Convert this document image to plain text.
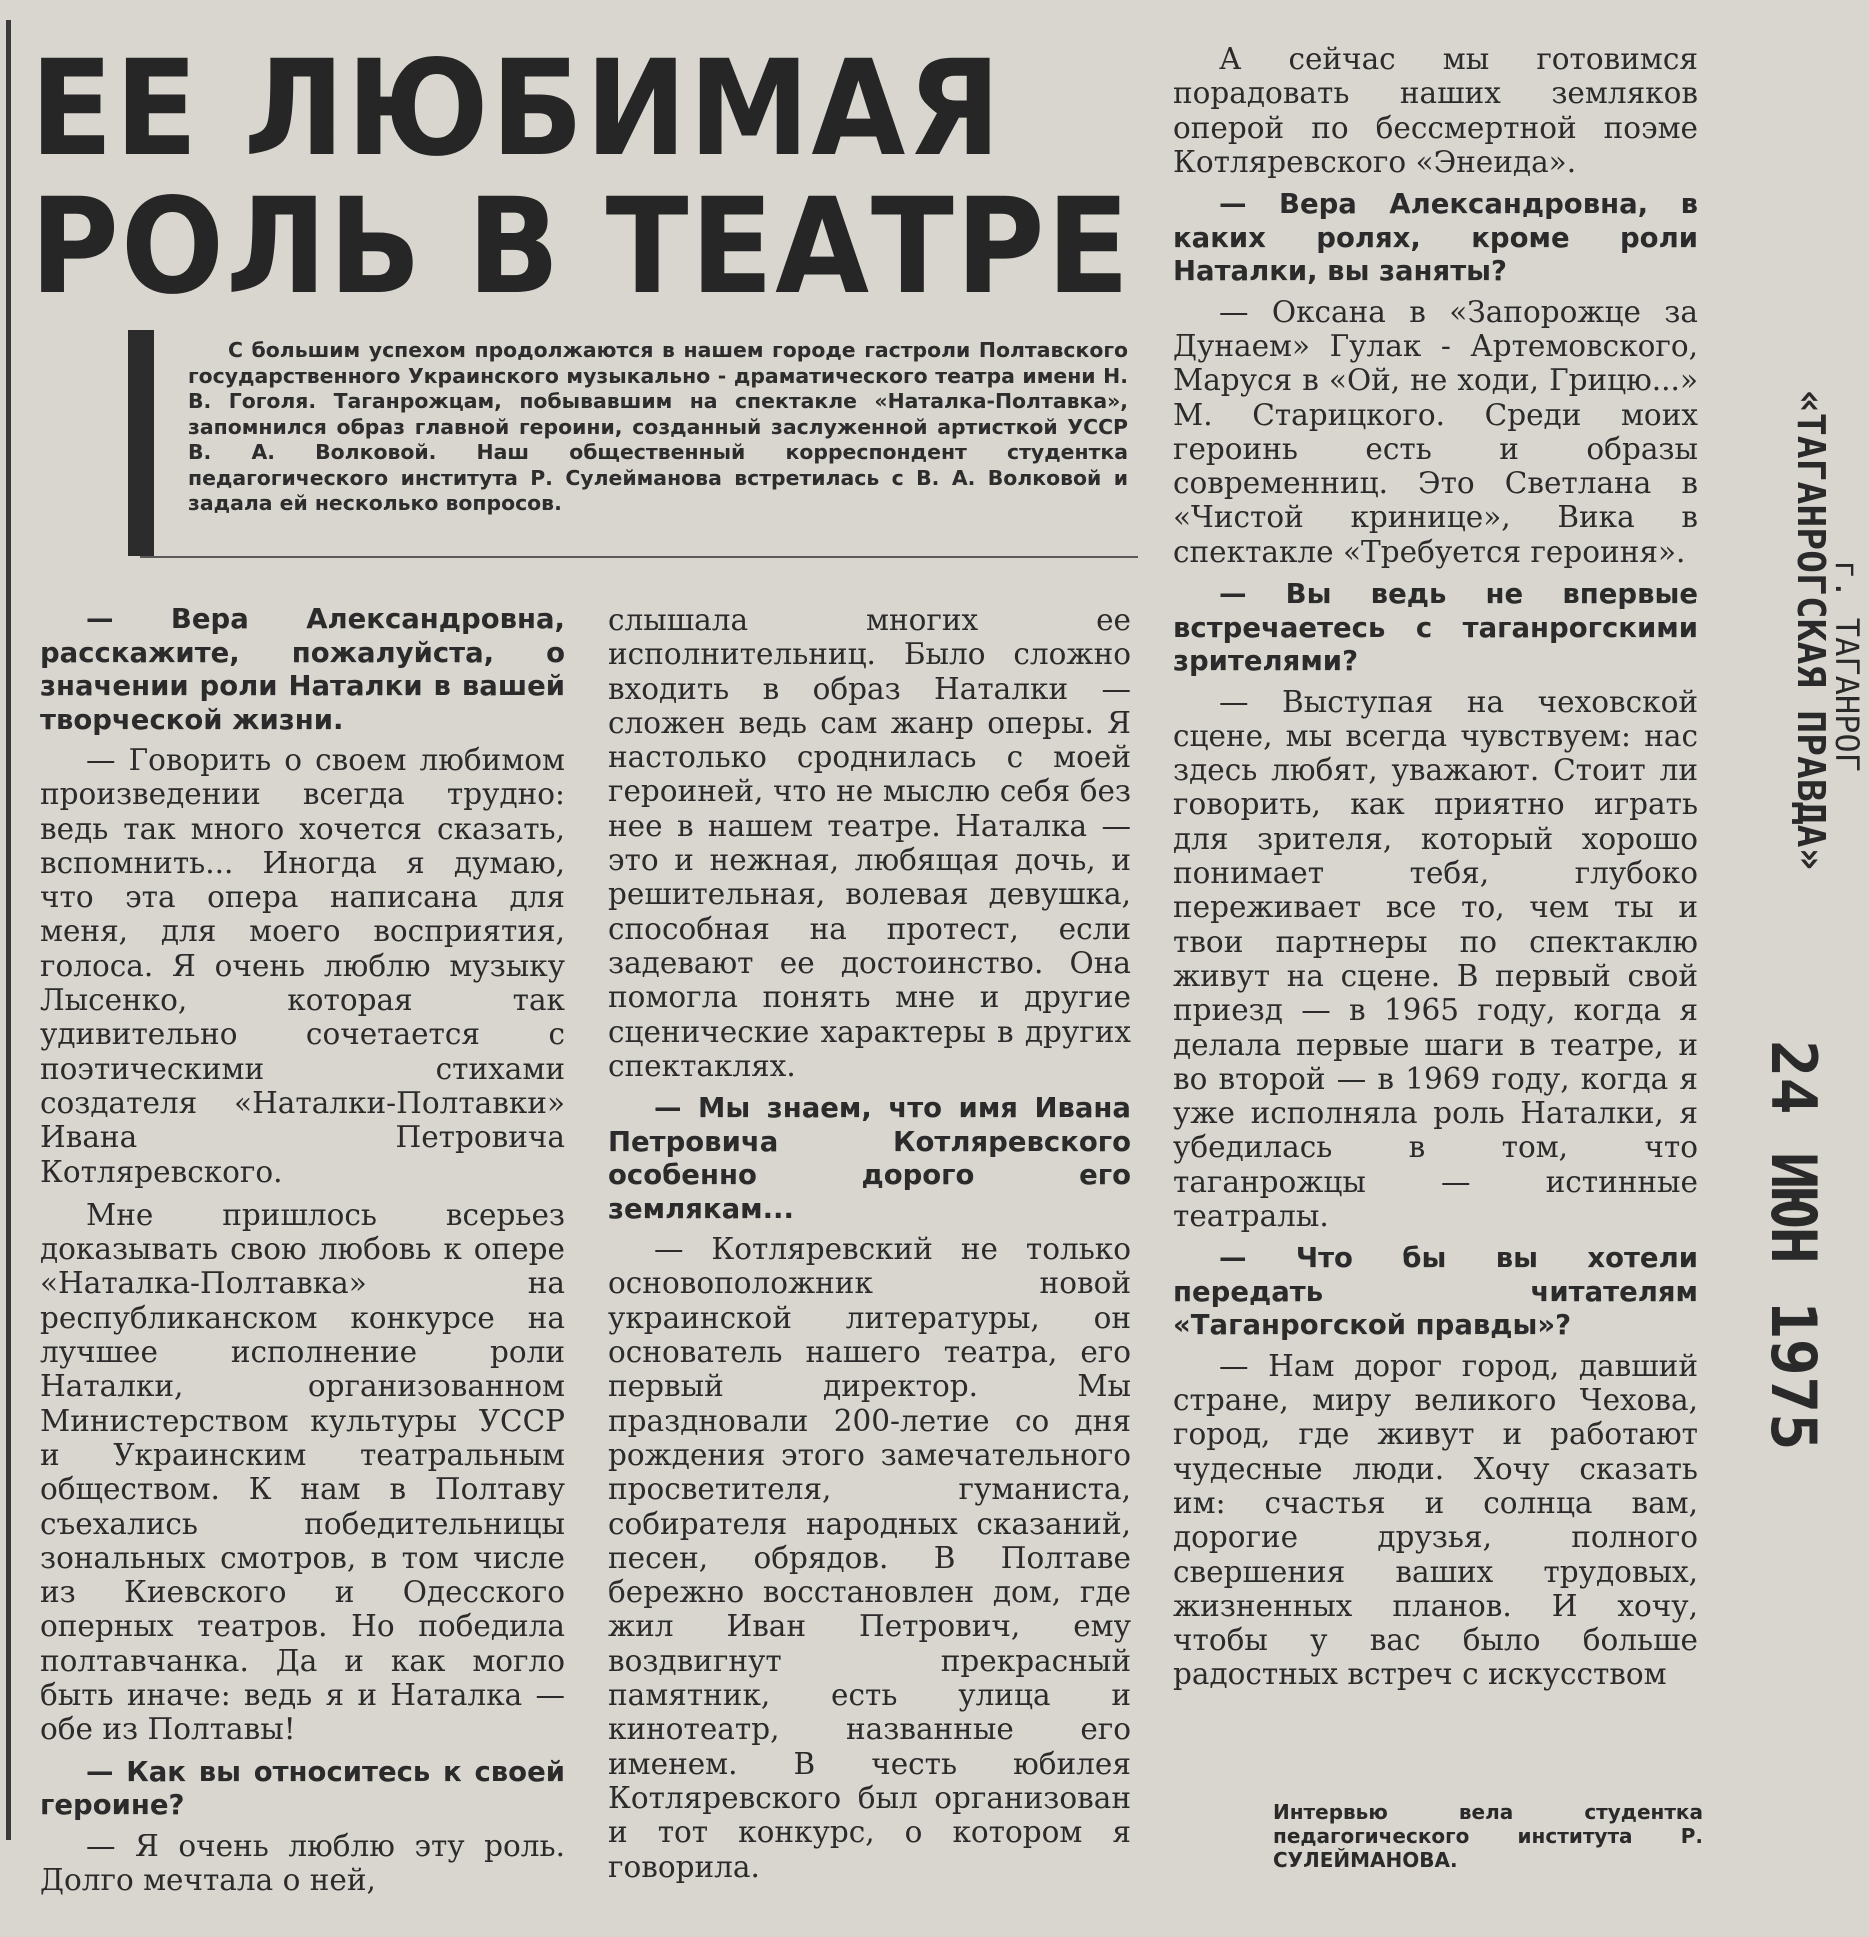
ЕЕ ЛЮБИМАЯ
РОЛЬ В ТЕАТРЕ

С большим успехом продолжаются в нашем городе гастроли Полтавского государственного Украинского музыкально - драматического театра имени Н. В. Гоголя. Таганрожцам, побывавшим на спектакле «Наталка-Полтавка», запомнился образ главной героини, созданный заслуженной артисткой УССР В. А. Волковой. Наш общественный корреспондент студентка педагогического института Р. Сулейманова встретилась с В. А. Волковой и задала ей несколько вопросов.

— Вера Александровна, расскажите, пожалуйста, о значении роли Наталки в вашей творческой жизни.

— Говорить о своем любимом произведении всегда трудно: ведь так много хочется сказать, вспомнить... Иногда я думаю, что эта опера написана для меня, для моего восприятия, голоса. Я очень люблю музыку Лысенко, которая так удивительно сочетается с поэтическими стихами создателя «Наталки-Полтавки» Ивана Петровича Котляревского.

Мне пришлось всерьез доказывать свою любовь к опере «Наталка-Полтавка» на республиканском конкурсе на лучшее исполнение роли Наталки, организованном Министерством культуры УССР и Украинским театральным обществом. К нам в Полтаву съехались победительницы зональных смотров, в том числе из Киевского и Одесского оперных театров. Но победила полтавчанка. Да и как могло быть иначе: ведь я и Наталка — обе из Полтавы!

— Как вы относитесь к своей героине?

— Я очень люблю эту роль. Долго мечтала о ней,

слышала многих ее исполнительниц. Было сложно входить в образ Наталки — сложен ведь сам жанр оперы. Я настолько сроднилась с моей героиней, что не мыслю себя без нее в нашем театре. Наталка — это и нежная, любящая дочь, и решительная, волевая девушка, способная на протест, если задевают ее достоинство. Она помогла понять мне и другие сценические характеры в других спектаклях.

— Мы знаем, что имя Ивана Петровича Котляревского особенно дорого его землякам...

— Котляревский не только основоположник новой украинской литературы, он основатель нашего театра, его первый директор. Мы праздновали 200-летие со дня рождения этого замечательного просветителя, гуманиста, собирателя народных сказаний, песен, обрядов. В Полтаве бережно восстановлен дом, где жил Иван Петрович, ему воздвигнут прекрасный памятник, есть улица и кинотеатр, названные его именем. В честь юбилея Котляревского был организован и тот конкурс, о котором я говорила.

А сейчас мы готовимся порадовать наших земляков оперой по бессмертной поэме Котляревского «Энеида».

— Вера Александровна, в каких ролях, кроме роли Наталки, вы заняты?

— Оксана в «Запорожце за Дунаем» Гулак - Артемовского, Маруся в «Ой, не ходи, Грицю...» М. Старицкого. Среди моих героинь есть и образы современниц. Это Светлана в «Чистой кринице», Вика в спектакле «Требуется героиня».

— Вы ведь не впервые встречаетесь с таганрогскими зрителями?

— Выступая на чеховской сцене, мы всегда чувствуем: нас здесь любят, уважают. Стоит ли говорить, как приятно играть для зрителя, который хорошо понимает тебя, глубоко переживает все то, чем ты и твои партнеры по спектаклю живут на сцене. В первый свой приезд — в 1965 году, когда я делала первые шаги в театре, и во второй — в 1969 году, когда я уже исполняла роль Наталки, я убедилась в том, что таганрожцы — истинные театралы.

— Что бы вы хотели передать читателям «Таганрогской правды»?

— Нам дорог город, давший стране, миру великого Чехова, город, где живут и работают чудесные люди. Хочу сказать им: счастья и солнца вам, дорогие друзья, полного свершения ваших трудовых, жизненных планов. И хочу, чтобы у вас было больше радостных встреч с искусством

Интервью вела студентка педагогического института Р. СУЛЕЙМАНОВА.

«ТАГАНРОГСКАЯ ПРАВДА»
г. ТАГАНРОГ
24 ИЮН 1975
